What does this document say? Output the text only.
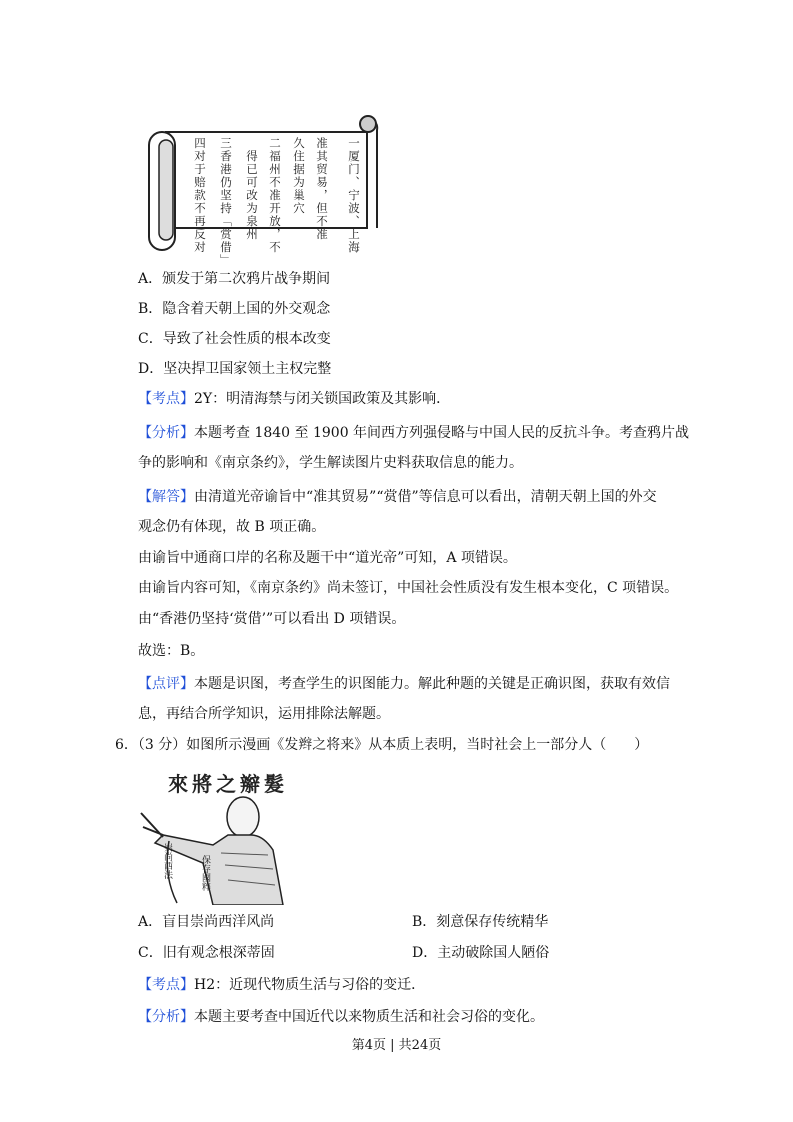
一厦门、宁波、上海
准其贸易，但不准
久住据为巢穴
二福州不准开放，不
得已可改为泉州
三香港仍坚持「赏借」
四对于赔款不再反对
A．颁发于第二次鸦片战争期间
B．隐含着天朝上国的外交观念
C．导致了社会性质的根本改变
D．坚决捍卫国家领土主权完整
【考点】2Y：明清海禁与闭关锁国政策及其影响．
【分析】本题考查 1840 至 1900 年间西方列强侵略与中国人民的反抗斗争。考查鸦片战
争的影响和《南京条约》，学生解读图片史料获取信息的能力。
【解答】由清道光帝谕旨中“准其贸易”“赏借”等信息可以看出，清朝天朝上国的外交
观念仍有体现，故 B 项正确。
由谕旨中通商口岸的名称及题干中“道光帝”可知，A 项错误。
由谕旨内容可知，《南京条约》尚未签订，中国社会性质没有发生根本变化，C 项错误。
由“香港仍坚持‘赏借’”可以看出 D 项错误。
故选：B。
【点评】本题是识图，考查学生的识图能力。解此种题的关键是正确识图，获取有效信
息，再结合所学知识，运用排除法解题。
6．（3 分）如图所示漫画《发辫之将来》从本质上表明，当时社会上一部分人（　　）
來將之辮髮
崇尚西法	保存國粹
A．盲目崇尚西洋风尚	B．刻意保存传统精华
C．旧有观念根深蒂固	D．主动破除国人陋俗
【考点】H2：近现代物质生活与习俗的变迁．
【分析】本题主要考查中国近代以来物质生活和社会习俗的变化。
第4页 | 共24页
